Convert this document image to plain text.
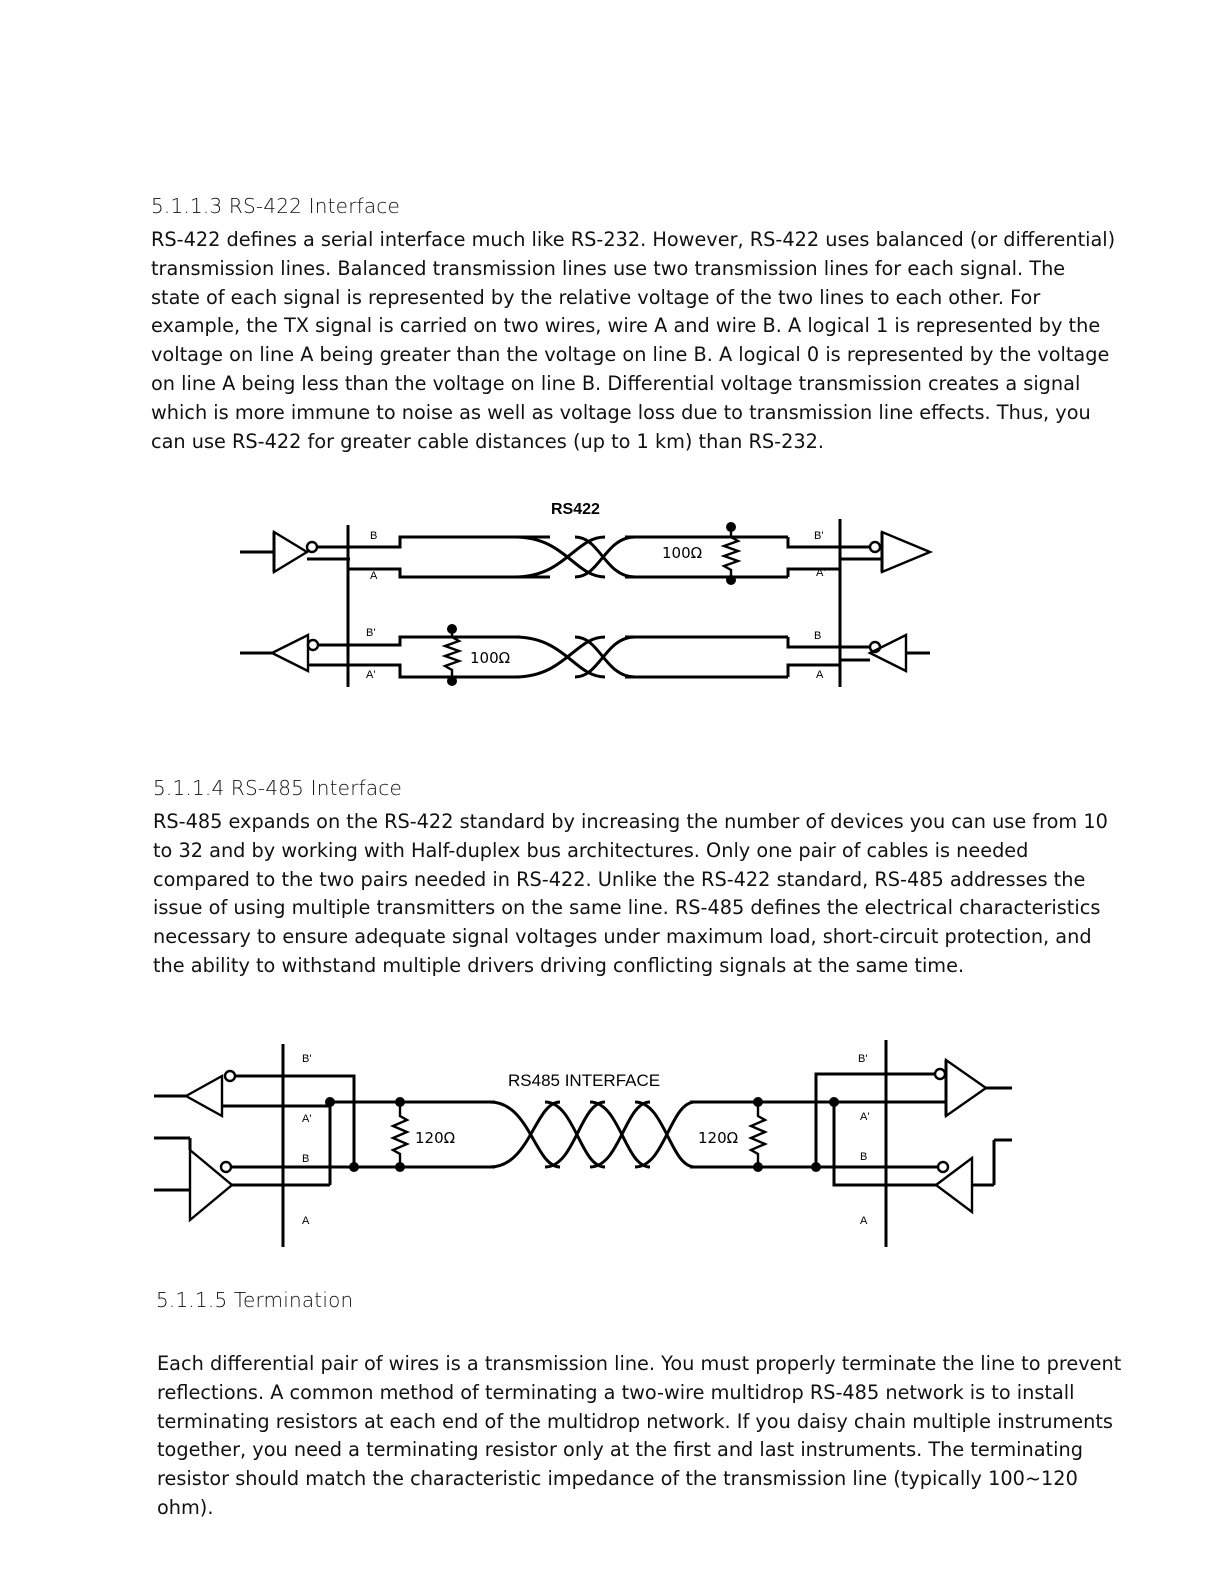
5.1.1.3 RS-422 Interface

RS-422 defines a serial interface much like RS-232. However, RS-422 uses balanced (or differential) transmission lines. Balanced transmission lines use two transmission lines for each signal. The state of each signal is represented by the relative voltage of the two lines to each other. For example, the TX signal is carried on two wires, wire A and wire B. A logical 1 is represented by the voltage on line A being greater than the voltage on line B. A logical 0 is represented by the voltage on line A being less than the voltage on line B. Differential voltage transmission creates a signal which is more immune to noise as well as voltage loss due to transmission line effects. Thus, you can use RS-422 for greater cable distances (up to 1 km) than RS-232.

RS422
100Ω
100Ω
B
A
B'
A'
B'
A'
B
A
5.1.1.4 RS-485 Interface

RS-485 expands on the RS-422 standard by increasing the number of devices you can use from 10 to 32 and by working with Half-duplex bus architectures. Only one pair of cables is needed compared to the two pairs needed in RS-422. Unlike the RS-422 standard, RS-485 addresses the issue of using multiple transmitters on the same line. RS-485 defines the electrical characteristics necessary to ensure adequate signal voltages under maximum load, short-circuit protection, and the ability to withstand multiple drivers driving conflicting signals at the same time.

RS485 INTERFACE
120Ω	120Ω
B'
A'
B
A
B'
A'
B
A
5.1.1.5 Termination

Each differential pair of wires is a transmission line. You must properly terminate the line to prevent reflections. A common method of terminating a two-wire multidrop RS-485 network is to install terminating resistors at each end of the multidrop network. If you daisy chain multiple instruments together, you need a terminating resistor only at the first and last instruments. The terminating resistor should match the characteristic impedance of the transmission line (typically 100~120 ohm).
